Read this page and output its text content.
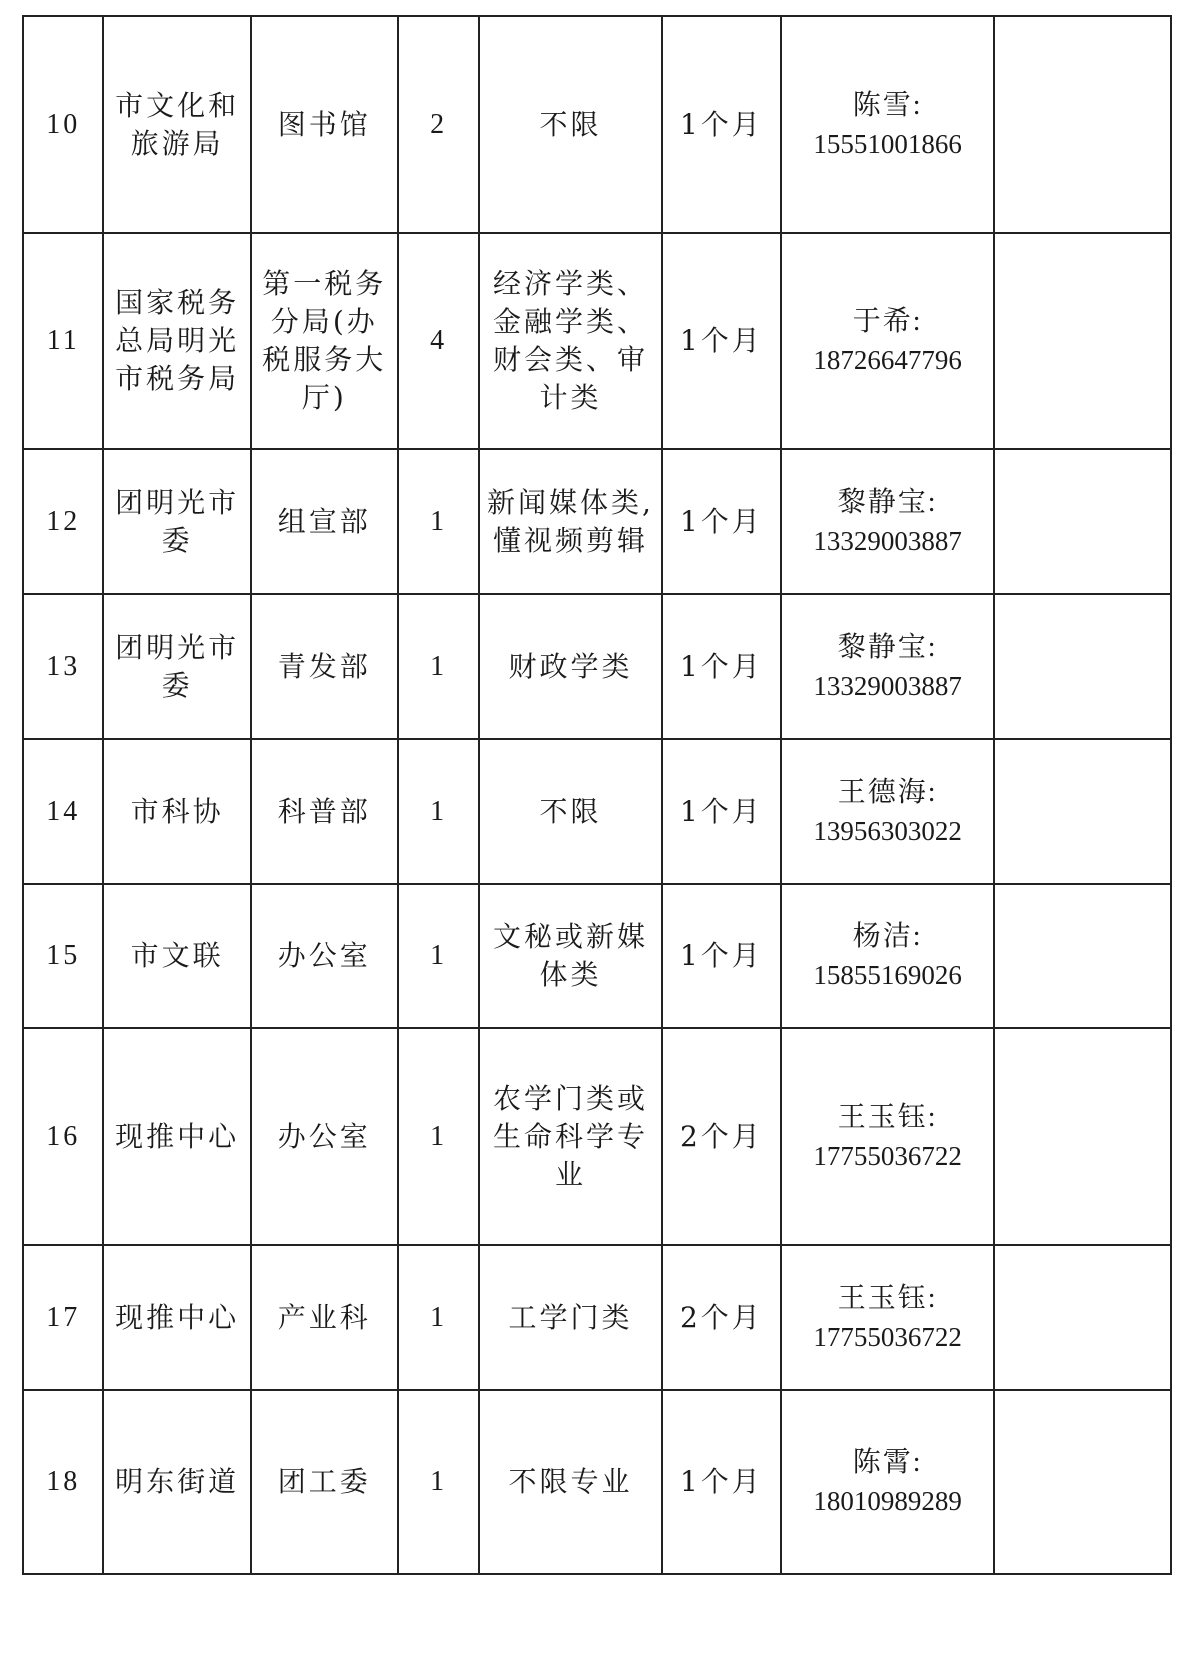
10	市文化和旅游局	图书馆	2	不限	1个月	陈雪:
15551001866	

11	国家税务总局明光市税务局	第一税务分局(办税服务大厅)	4	经济学类、金融学类、财会类、审计类	1个月	于希:
18726647796	

12	团明光市委	组宣部	1	新闻媒体类,懂视频剪辑	1个月	黎静宝:
13329003887	

13	团明光市委	青发部	1	财政学类	1个月	黎静宝:
13329003887	

14	市科协	科普部	1	不限	1个月	王德海:
13956303022	

15	市文联	办公室	1	文秘或新媒体类	1个月	杨洁:
15855169026	

16	现推中心	办公室	1	农学门类或生命科学专业	2个月	王玉钰:
17755036722	

17	现推中心	产业科	1	工学门类	2个月	王玉钰:
17755036722	

18	明东街道	团工委	1	不限专业	1个月	陈霄:
18010989289	
